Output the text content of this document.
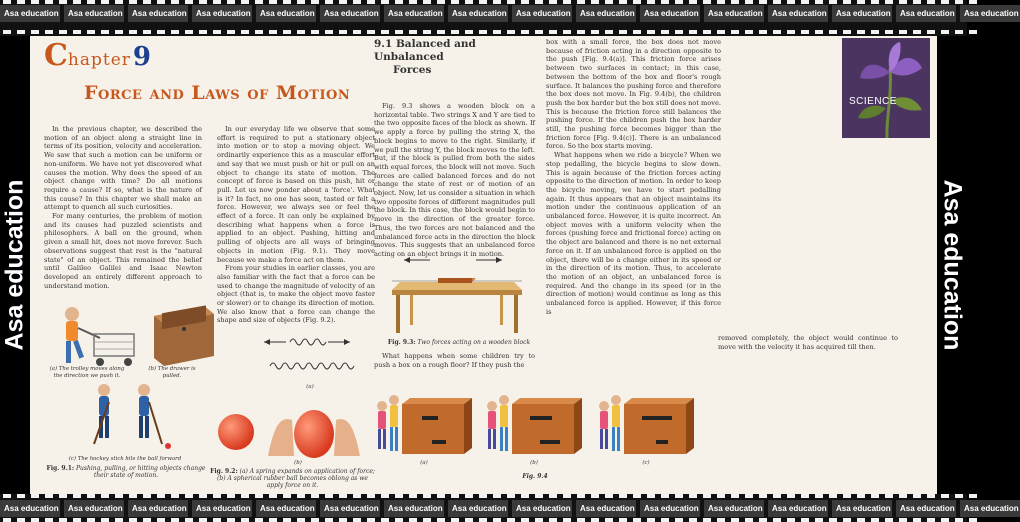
Asa education	Asa education	Asa education	Asa education	Asa education	Asa education	Asa education	Asa education	Asa education	Asa education	Asa education	Asa education	Asa education	Asa education	Asa education	Asa education
Asa education	Asa education	Asa education	Asa education	Asa education	Asa education	Asa education	Asa education	Asa education	Asa education	Asa education	Asa education	Asa education	Asa education	Asa education	Asa education
Asa education	Asa education
Chapter9
Force and Laws of Motion

In the previous chapter, we described the motion of an object along a straight line in terms of its position, velocity and acceleration. We saw that such a motion can be uniform or non-uniform. We have not yet discovered what causes the motion. Why does the speed of an object change with time? Do all motions require a cause? If so, what is the nature of this cause? In this chapter we shall make an attempt to quench all such curiosities.

For many centuries, the problem of motion and its causes had puzzled scientists and philosophers. A ball on the ground, when given a small hit, does not move forever. Such observations suggest that rest is the "natural state" of an object. This remained the belief until Galileo Galilei and Isaac Newton developed an entirely different approach to understand motion.

In our everyday life we observe that some effort is required to put a stationary object into motion or to stop a moving object. We ordinarily experience this as a muscular effort and say that we must push or hit or pull on an object to change its state of motion. The concept of force is based on this push, hit or pull. Let us now ponder about a 'force'. What is it? In fact, no one has seen, tasted or felt a force. However, we always see or feel the effect of a force. It can only be explained by describing what happens when a force is applied to an object. Pushing, hitting and pulling of objects are all ways of bringing objects in motion (Fig. 9.1). They move because we make a force act on them.

From your studies in earlier classes, you are also familiar with the fact that a force can be used to change the magnitude of velocity of an object (that is, to make the object move faster or slower) or to change its direction of motion. We also know that a force can change the shape and size of objects (Fig. 9.2).

9.1 Balanced and Unbalanced
Forces

Fig. 9.3 shows a wooden block on a horizontal table. Two strings X and Y are tied to the two opposite faces of the block as shown. If we apply a force by pulling the string X, the block begins to move to the right. Similarly, if we pull the string Y, the block moves to the left. But, if the block is pulled from both the sides with equal forces, the block will not move. Such forces are called balanced forces and do not change the state of rest or of motion of an object. Now, let us consider a situation in which two opposite forces of different magnitudes pull the block. In this case, the block would begin to move in the direction of the greater force. Thus, the two forces are not balanced and the unbalanced force acts in the direction the block moves. This suggests that an unbalanced force acting on an object brings it in motion.

What happens when some children try to push a box on a rough floor? If they push the

box with a small force, the box does not move because of friction acting in a direction opposite to the push [Fig. 9.4(a)]. This friction force arises between two surfaces in contact; in this case, between the bottom of the box and floor's rough surface. It balances the pushing force and therefore the box does not move. In Fig. 9.4(b), the children push the box harder but the box still does not move. This is because the friction force still balances the pushing force. If the children push the box harder still, the pushing force becomes bigger than the friction force [Fig. 9.4(c)]. There is an unbalanced force. So the box starts moving.

What happens when we ride a bicycle? When we stop pedalling, the bicycle begins to slow down. This is again because of the friction forces acting opposite to the direction of motion. In order to keep the bicycle moving, we have to start pedalling again. It thus appears that an object maintains its motion under the continuous application of an unbalanced force. However, it is quite incorrect. An object moves with a uniform velocity when the forces (pushing force and frictional force) acting on the object are balanced and there is no net external force on it. If an unbalanced force is applied on the object, there will be a change either in its speed or in the direction of its motion. Thus, to accelerate the motion of an object, an unbalanced force is required. And the change in its speed (or in the direction of motion) would continue as long as this unbalanced force is applied. However, if this force is

removed completely, the object would continue to move with the velocity it has acquired till then.

SCIENCE
(a) The trolley moves along the direction we push it.
(b) The drawer is pulled.
(c) The hockey stick hits the ball forward
Fig. 9.1: Pushing, pulling, or hitting objects change their state of motion.
(a)
(b)
Fig. 9.2: (a) A spring expands on application of force; (b) A spherical rubber ball becomes oblong as we apply force on it.
Fig. 9.3: Two forces acting on a wooden block
(a)	(b)	(c)
Fig. 9.4
